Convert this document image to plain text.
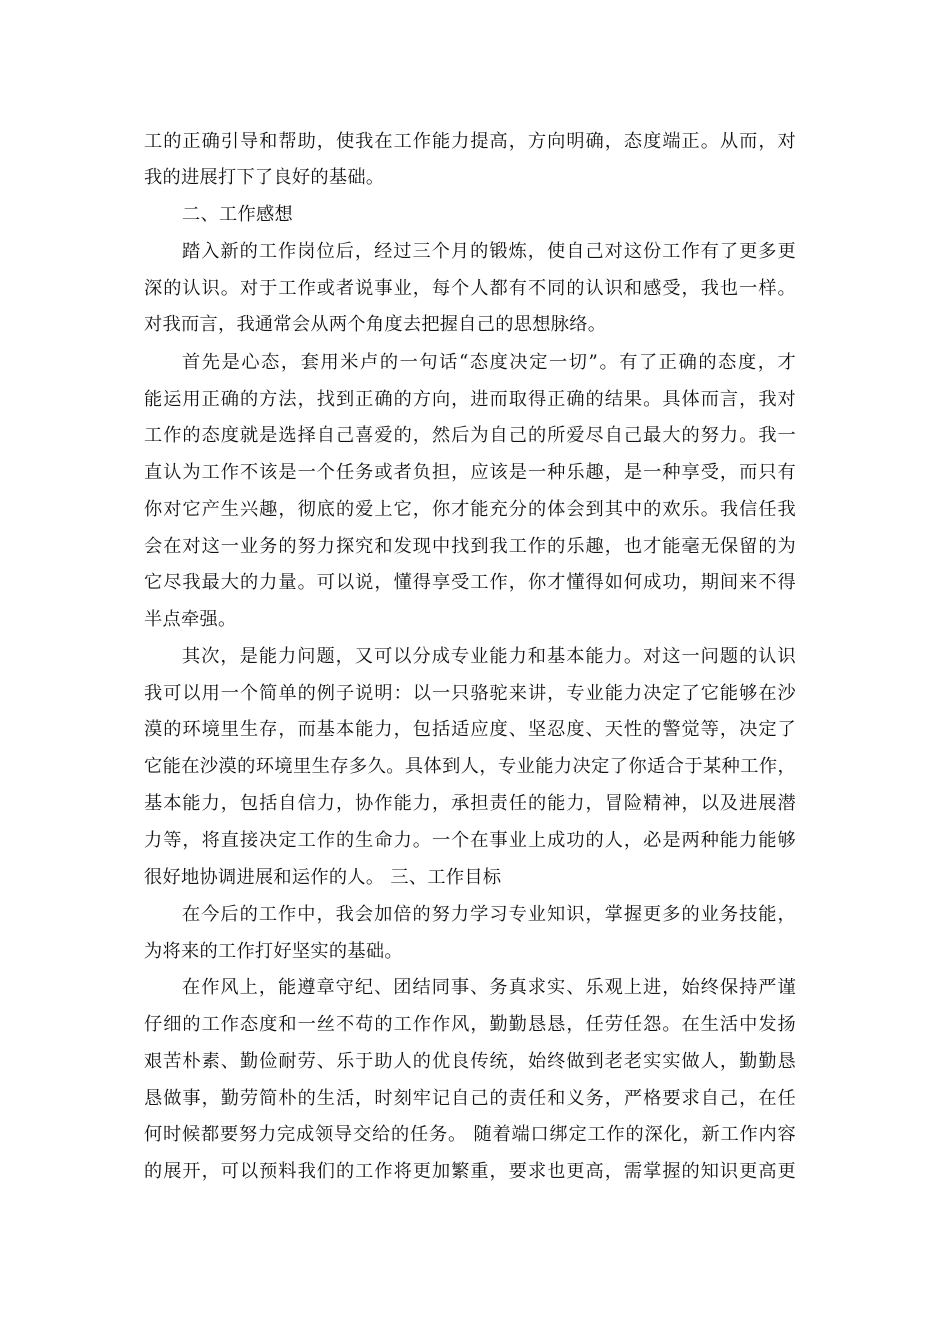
工的正确引导和帮助，使我在工作能力提高，方向明确，态度端正。从而，对
我的进展打下了良好的基础。
二、工作感想
踏入新的工作岗位后，经过三个月的锻炼，使自己对这份工作有了更多更
深的认识。对于工作或者说事业，每个人都有不同的认识和感受，我也一样。
对我而言，我通常会从两个角度去把握自己的思想脉络。
首先是心态，套用米卢的一句话“态度决定一切”。有了正确的态度，才
能运用正确的方法，找到正确的方向，进而取得正确的结果。具体而言，我对
工作的态度就是选择自己喜爱的，然后为自己的所爱尽自己最大的努力。我一
直认为工作不该是一个任务或者负担，应该是一种乐趣，是一种享受，而只有
你对它产生兴趣，彻底的爱上它，你才能充分的体会到其中的欢乐。我信任我
会在对这一业务的努力探究和发现中找到我工作的乐趣，也才能毫无保留的为
它尽我最大的力量。可以说，懂得享受工作，你才懂得如何成功，期间来不得
半点牵强。
其次，是能力问题，又可以分成专业能力和基本能力。对这一问题的认识
我可以用一个简单的例子说明：以一只骆驼来讲，专业能力决定了它能够在沙
漠的环境里生存，而基本能力，包括适应度、坚忍度、天性的警觉等，决定了
它能在沙漠的环境里生存多久。具体到人，专业能力决定了你适合于某种工作，
基本能力，包括自信力，协作能力，承担责任的能力，冒险精神，以及进展潜
力等，将直接决定工作的生命力。一个在事业上成功的人，必是两种能力能够
很好地协调进展和运作的人。 三、工作目标
在今后的工作中，我会加倍的努力学习专业知识，掌握更多的业务技能，
为将来的工作打好坚实的基础。
在作风上，能遵章守纪、团结同事、务真求实、乐观上进，始终保持严谨
仔细的工作态度和一丝不苟的工作作风，勤勤恳恳，任劳任怨。在生活中发扬
艰苦朴素、勤俭耐劳、乐于助人的优良传统，始终做到老老实实做人，勤勤恳
恳做事，勤劳简朴的生活，时刻牢记自己的责任和义务，严格要求自己，在任
何时候都要努力完成领导交给的任务。 随着端口绑定工作的深化，新工作内容
的展开，可以预料我们的工作将更加繁重，要求也更高，需掌握的知识更高更
